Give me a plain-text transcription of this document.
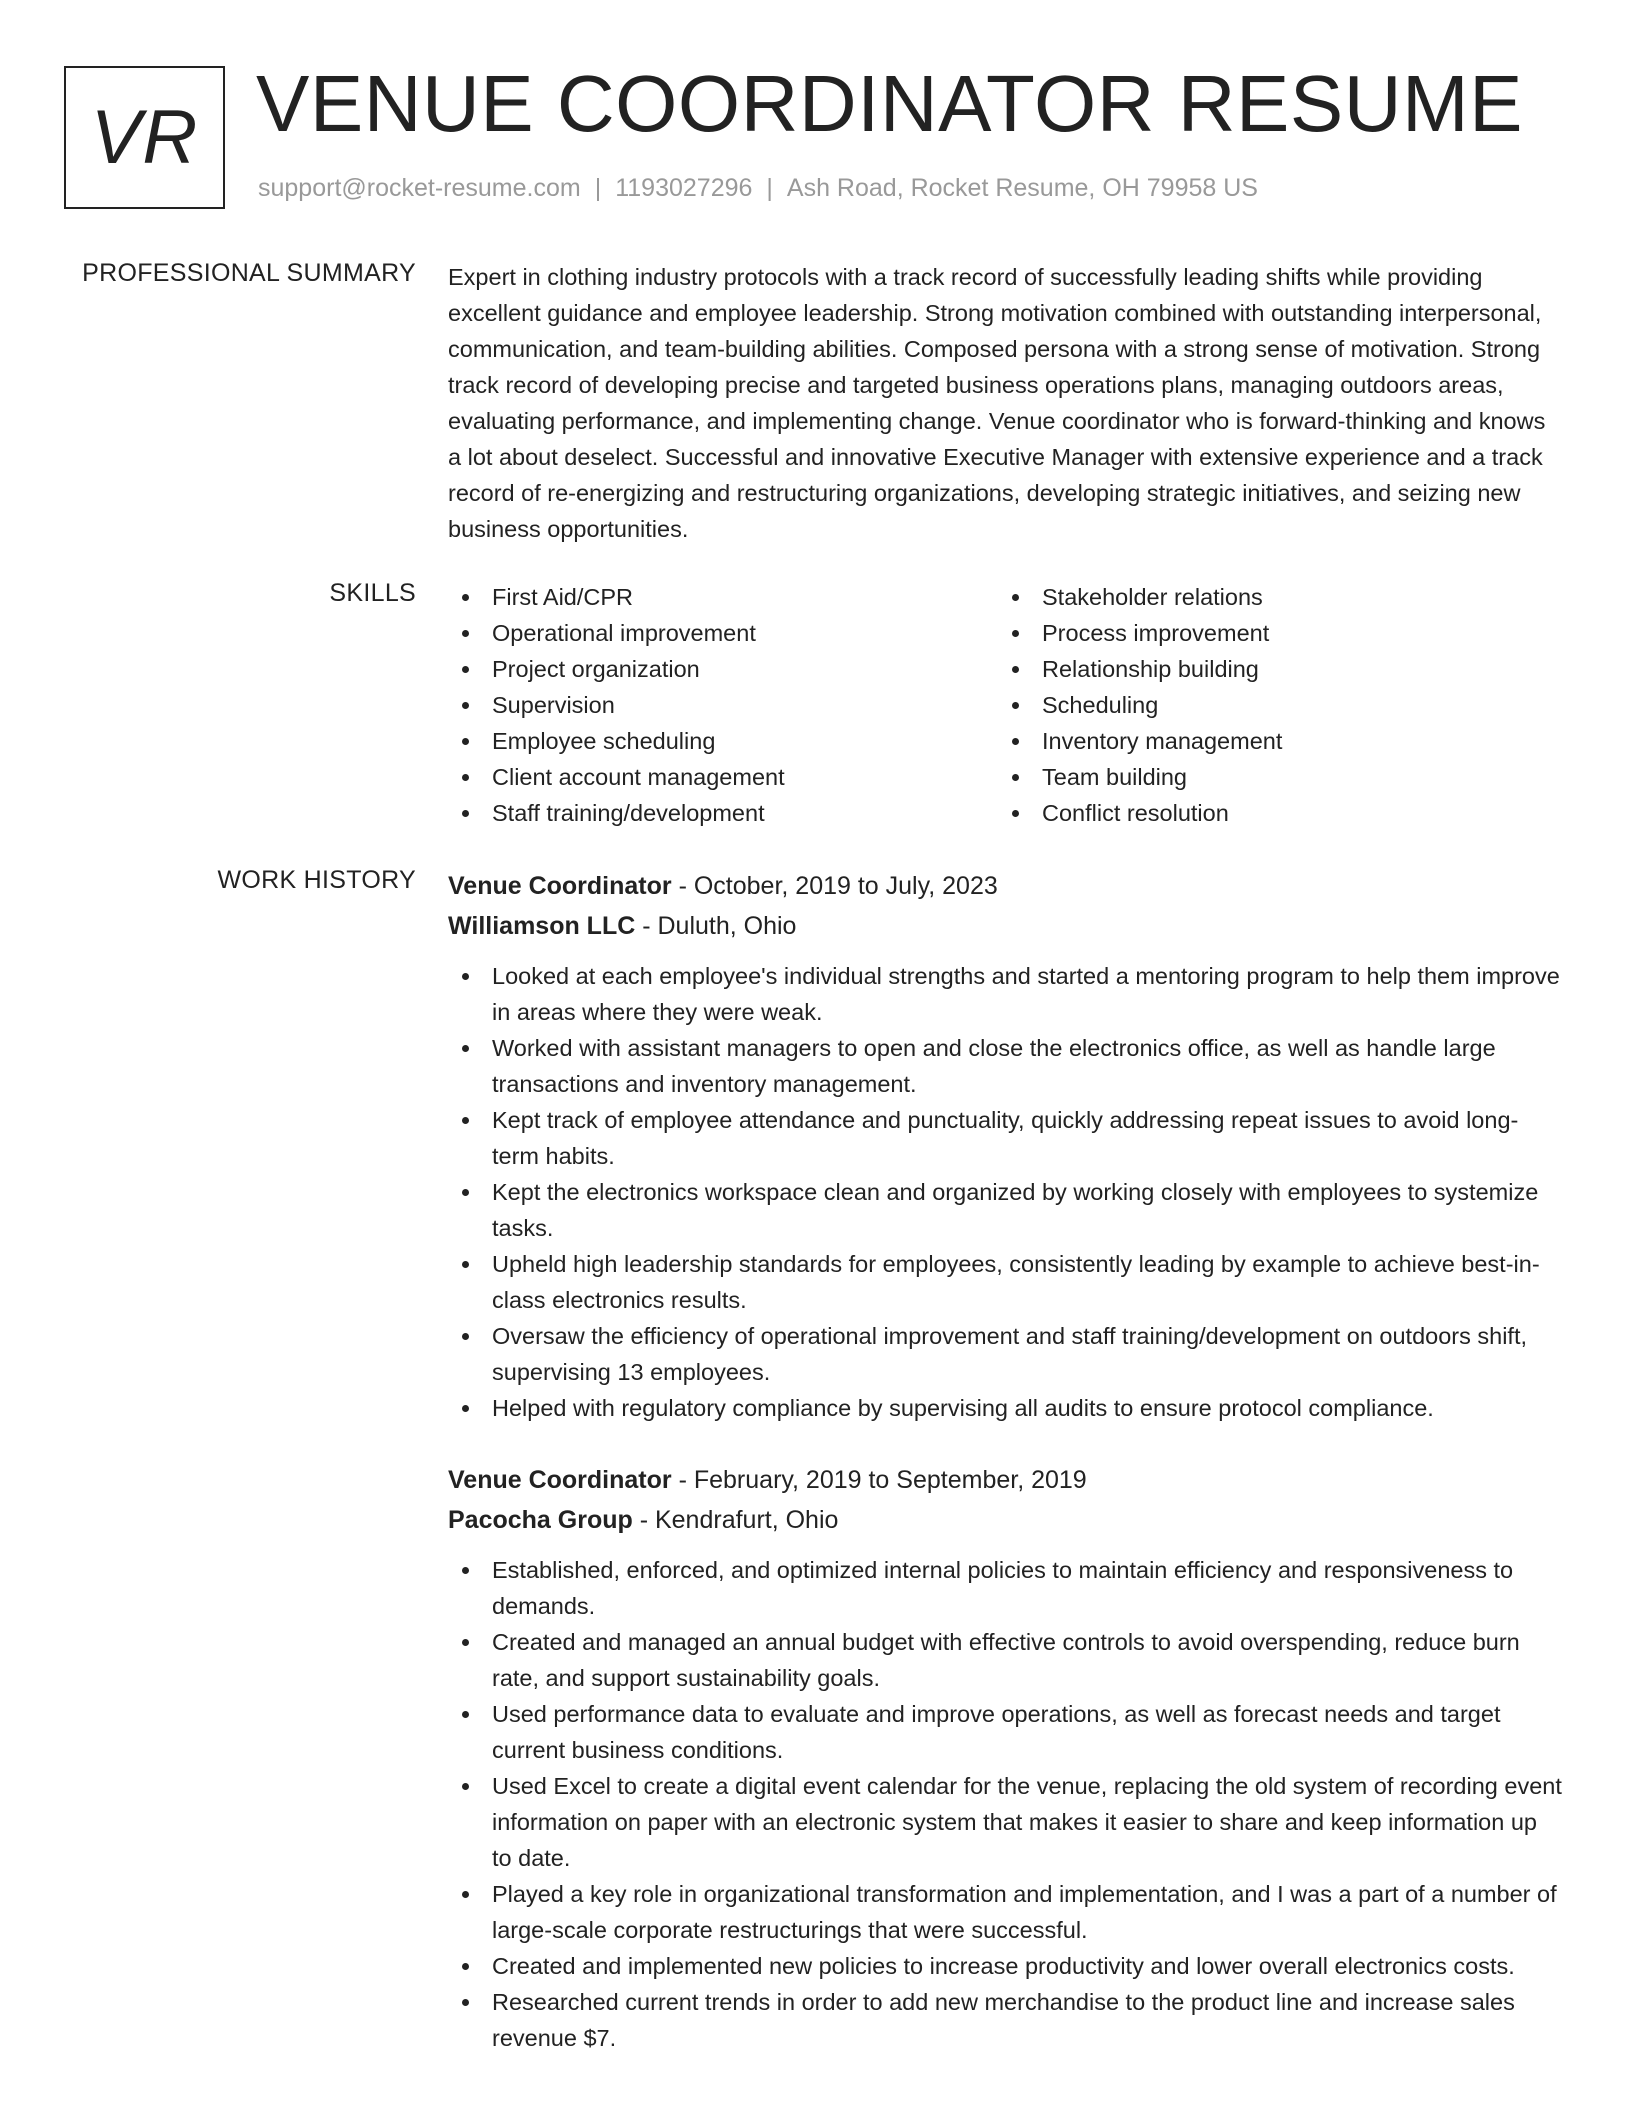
VR VENUE COORDINATOR RESUME
support@rocket-resume.com | 1193027296 | Ash Road, Rocket Resume, OH 79958 US
PROFESSIONAL SUMMARY Expert in clothing industry protocols with a track record of successfully leading shifts while providing excellent guidance and employee leadership. Strong motivation combined with outstanding interpersonal, communication, and team-building abilities. Composed persona with a strong sense of motivation. Strong track record of developing precise and targeted business operations plans, managing outdoors areas, evaluating performance, and implementing change. Venue coordinator who is forward-thinking and knows a lot about deselect. Successful and innovative Executive Manager with extensive experience and a track record of re-energizing and restructuring organizations, developing strategic initiatives, and seizing new business opportunities.

SKILLS	First Aid/CPR
Operational improvement
Project organization
Supervision
Employee scheduling
Client account management
Staff training/development
Stakeholder relations
Process improvement
Relationship building
Scheduling
Inventory management
Team building
Conflict resolution
WORK HISTORY Venue Coordinator - October, 2019 to July, 2023
Williamson LLC - Duluth, Ohio
Looked at each employee's individual strengths and started a mentoring program to help them improve in areas where they were weak.
Worked with assistant managers to open and close the electronics office, as well as handle large transactions and inventory management.
Kept track of employee attendance and punctuality, quickly addressing repeat issues to avoid long-term habits.
Kept the electronics workspace clean and organized by working closely with employees to systemize tasks.
Upheld high leadership standards for employees, consistently leading by example to achieve best-in-class electronics results.
Oversaw the efficiency of operational improvement and staff training/development on outdoors shift, supervising 13 employees.
Helped with regulatory compliance by supervising all audits to ensure protocol compliance.
Venue Coordinator - February, 2019 to September, 2019
Pacocha Group - Kendrafurt, Ohio
Established, enforced, and optimized internal policies to maintain efficiency and responsiveness to demands.
Created and managed an annual budget with effective controls to avoid overspending, reduce burn rate, and support sustainability goals.
Used performance data to evaluate and improve operations, as well as forecast needs and target current business conditions.
Used Excel to create a digital event calendar for the venue, replacing the old system of recording event information on paper with an electronic system that makes it easier to share and keep information up to date.
Played a key role in organizational transformation and implementation, and I was a part of a number of large-scale corporate restructurings that were successful.
Created and implemented new policies to increase productivity and lower overall electronics costs.
Researched current trends in order to add new merchandise to the product line and increase sales revenue $7.
